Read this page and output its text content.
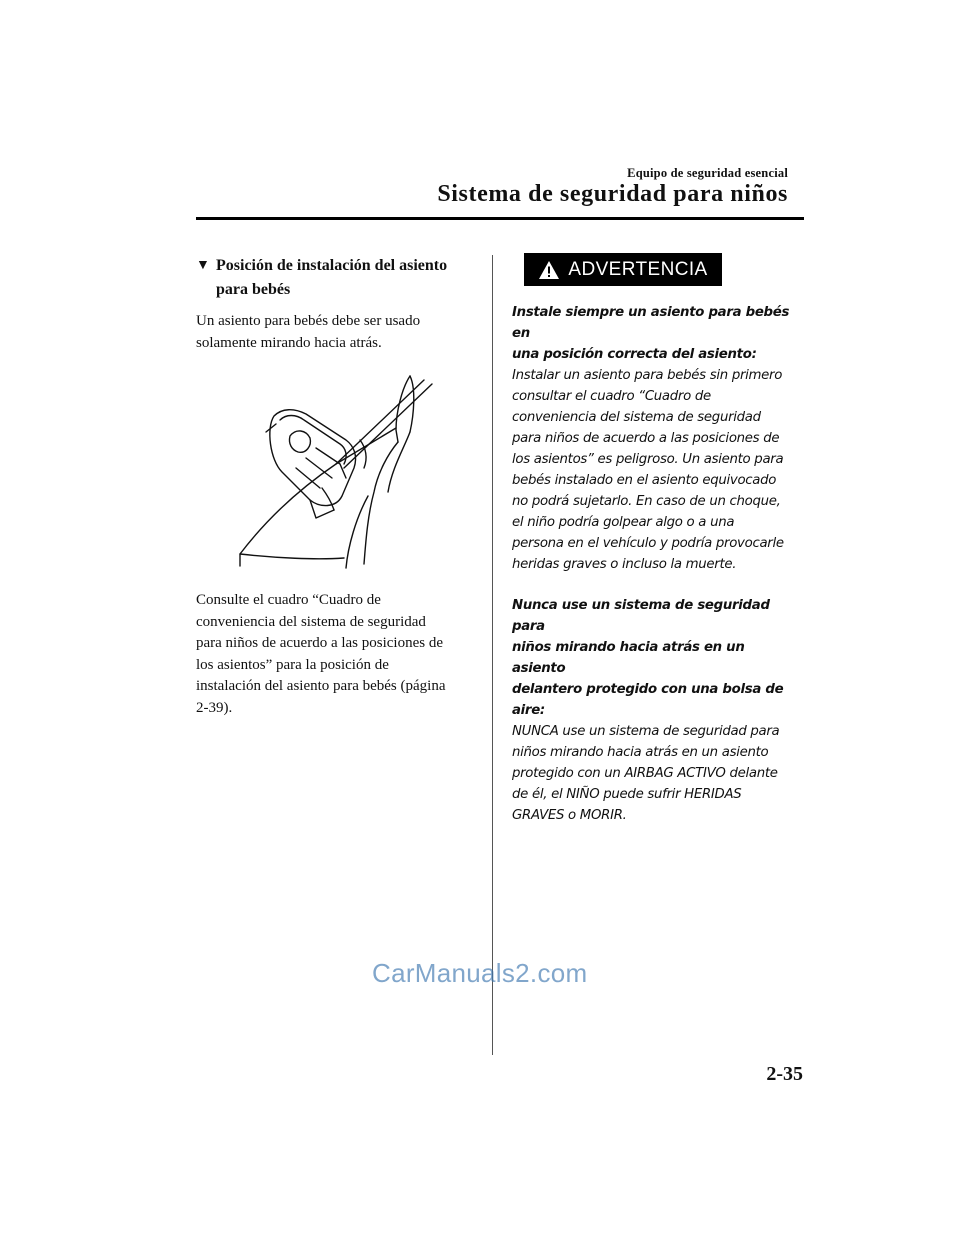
Equipo de seguridad esencial
Sistema de seguridad para niños
▼ Posición de instalación del asiento
para bebés

Un asiento para bebés debe ser usado
solamente mirando hacia atrás.

Consulte el cuadro “Cuadro de
conveniencia del sistema de seguridad
para niños de acuerdo a las posiciones de
los asientos” para la posición de
instalación del asiento para bebés (página
2-39).

ADVERTENCIA

Instale siempre un asiento para bebés en
una posición correcta del asiento:

Instalar un asiento para bebés sin primero
consultar el cuadro “Cuadro de
conveniencia del sistema de seguridad
para niños de acuerdo a las posiciones de
los asientos” es peligroso. Un asiento para
bebés instalado en el asiento equivocado
no podrá sujetarlo. En caso de un choque,
el niño podría golpear algo o a una
persona en el vehículo y podría provocarle
heridas graves o incluso la muerte.

Nunca use un sistema de seguridad para
niños mirando hacia atrás en un asiento
delantero protegido con una bolsa de aire:

NUNCA use un sistema de seguridad para
niños mirando hacia atrás en un asiento
protegido con un AIRBAG ACTIVO delante
de él, el NIÑO puede sufrir HERIDAS
GRAVES o MORIR.

CarManuals2.com
2-35
